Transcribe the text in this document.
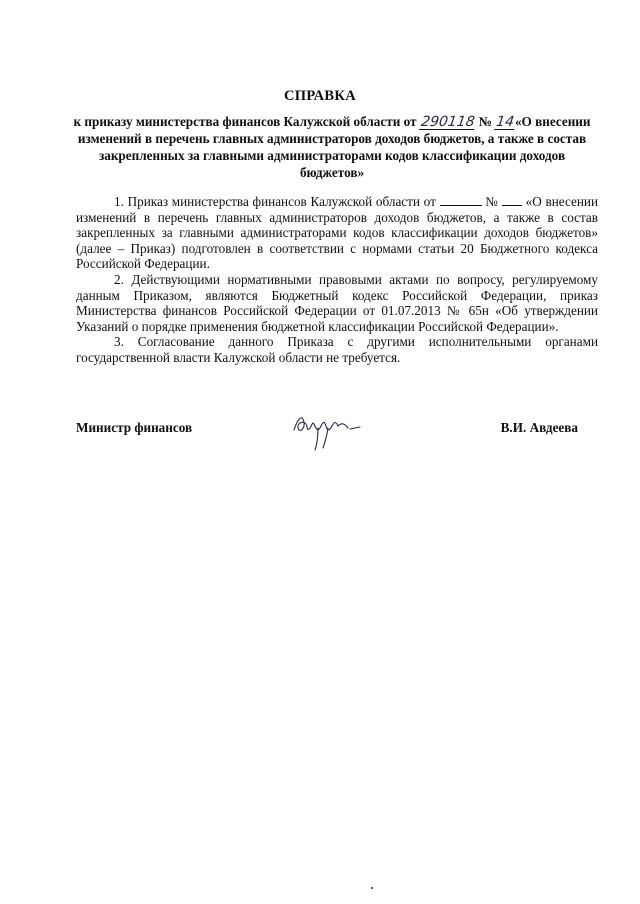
СПРАВКА
к приказу министерства финансов Калужской области от 290118 № 14«О внесении изменений в перечень главных администраторов доходов бюджетов, а также в состав закрепленных за главными администраторами кодов классификации доходов бюджетов»

1. Приказ министерства финансов Калужской области от	№  «О внесении изменений в перечень главных администраторов доходов бюджетов, а также в состав закрепленных за главными администраторами кодов классификации доходов бюджетов» (далее – Приказ) подготовлен в соответствии с нормами статьи 20 Бюджетного кодекса Российской Федерации.

2. Действующими нормативными правовыми актами по вопросу, регулируемому данным Приказом, являются Бюджетный кодекс Российской Федерации, приказ Министерства финансов Российской Федерации от 01.07.2013 № 65н «Об утверждении Указаний о порядке применения бюджетной классификации Российской Федерации».

3. Согласование данного Приказа с другими исполнительными органами государственной власти Калужской области не требуется.

Министр финансов	В.И. Авдеева
